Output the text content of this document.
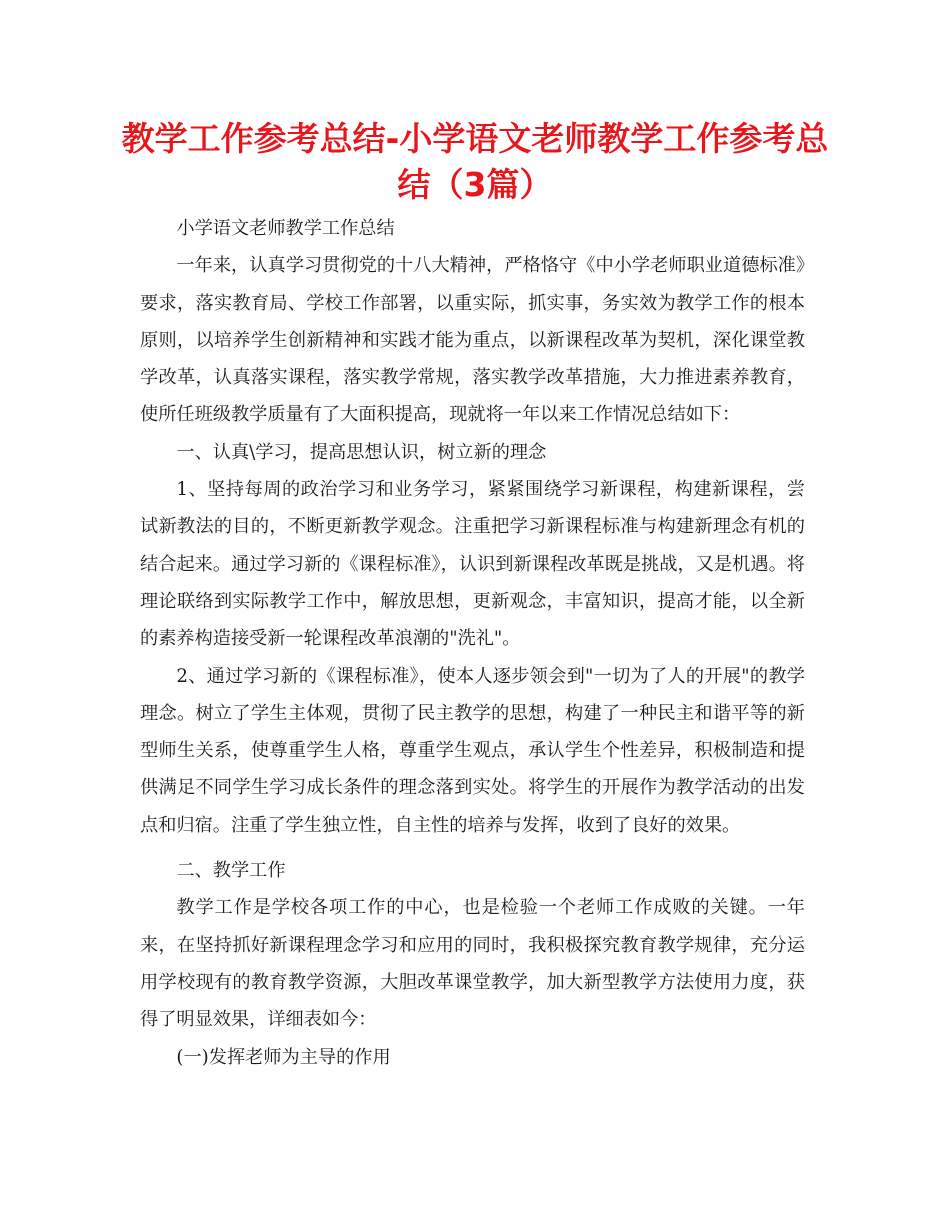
教学工作参考总结-小学语文老师教学工作参考总结（3篇）

小学语文老师教学工作总结

一年来，认真学习贯彻党的十八大精神，严格恪守《中小学老师职业道德标准》要求，落实教育局、学校工作部署，以重实际，抓实事，务实效为教学工作的根本原则，以培养学生创新精神和实践才能为重点，以新课程改革为契机，深化课堂教学改革，认真落实课程，落实教学常规，落实教学改革措施，大力推进素养教育，使所任班级教学质量有了大面积提高，现就将一年以来工作情况总结如下：

一、认真\学习，提高思想认识，树立新的理念

1、坚持每周的政治学习和业务学习，紧紧围绕学习新课程，构建新课程，尝试新教法的目的，不断更新教学观念。注重把学习新课程标准与构建新理念有机的结合起来。通过学习新的《课程标准》，认识到新课程改革既是挑战，又是机遇。将理论联络到实际教学工作中，解放思想，更新观念，丰富知识，提高才能，以全新的素养构造接受新一轮课程改革浪潮的"洗礼"。

2、通过学习新的《课程标准》，使本人逐步领会到"一切为了人的开展"的教学理念。树立了学生主体观，贯彻了民主教学的思想，构建了一种民主和谐平等的新型师生关系，使尊重学生人格，尊重学生观点，承认学生个性差异，积极制造和提供满足不同学生学习成长条件的理念落到实处。将学生的开展作为教学活动的出发点和归宿。注重了学生独立性，自主性的培养与发挥，收到了良好的效果。

二、教学工作

教学工作是学校各项工作的中心，也是检验一个老师工作成败的关键。一年来，在坚持抓好新课程理念学习和应用的同时，我积极探究教育教学规律，充分运用学校现有的教育教学资源，大胆改革课堂教学，加大新型教学方法使用力度，获得了明显效果，详细表如今：

(一)发挥老师为主导的作用
